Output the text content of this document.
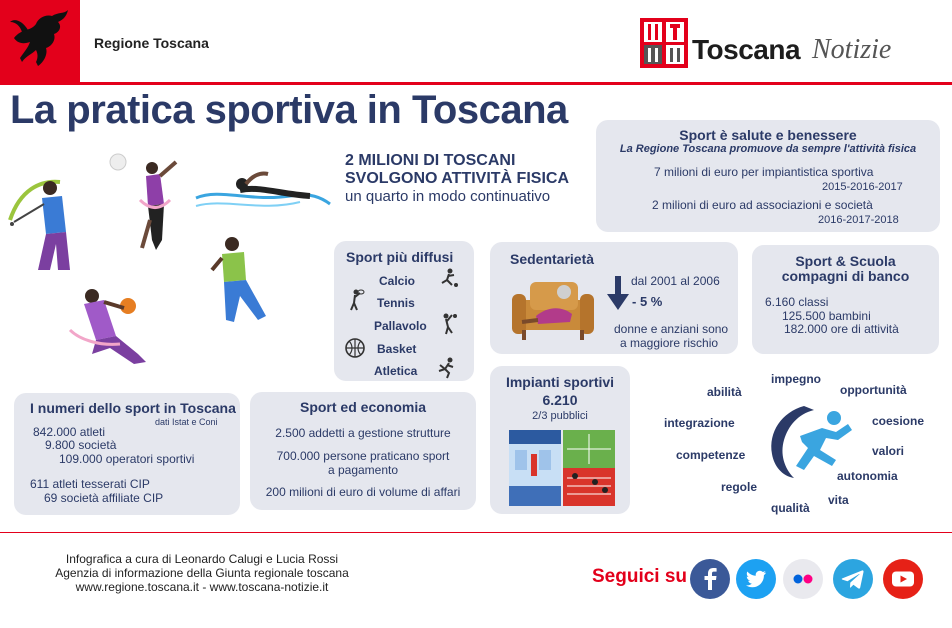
Regione Toscana	Toscana Notizie
La pratica sportiva in Toscana
2 MILIONI DI TOSCANI
SVOLGONO ATTIVITÀ FISICA
un quarto in modo continuativo
Sport è salute e benessere
La Regione Toscana promuove da sempre l'attività fisica
7 milioni di euro per impiantistica sportiva
2015-2016-2017
2 milioni di euro ad associazioni e società
2016-2017-2018
Sport più diffusi
Calcio
Tennis
Pallavolo
Basket
Atletica
Sedentarietà
dal 2001 al 2006
- 5 %
donne e anziani sono
a maggiore rischio
Sport & Scuola
compagni di banco
6.160 classi
125.500 bambini
182.000 ore di attività
Impianti sportivi
6.210
2/3 pubblici
I numeri dello sport in Toscana
dati Istat e Coni
842.000 atleti
9.800 società
109.000 operatori sportivi
611 atleti tesserati CIP
69 società affiliate CIP
Sport ed economia
2.500 addetti a gestione strutture
700.000 persone praticano sport
a pagamento
200 milioni di euro di volume di affari
abilità
impegno
opportunità
integrazione	coesione
competenze	valori
autonomia
regole
vita
qualità
Infografica a cura di Leonardo Calugi e Lucia Rossi
Agenzia di informazione della Giunta regionale toscana
www.regione.toscana.it - www.toscana-notizie.it	Seguici su
